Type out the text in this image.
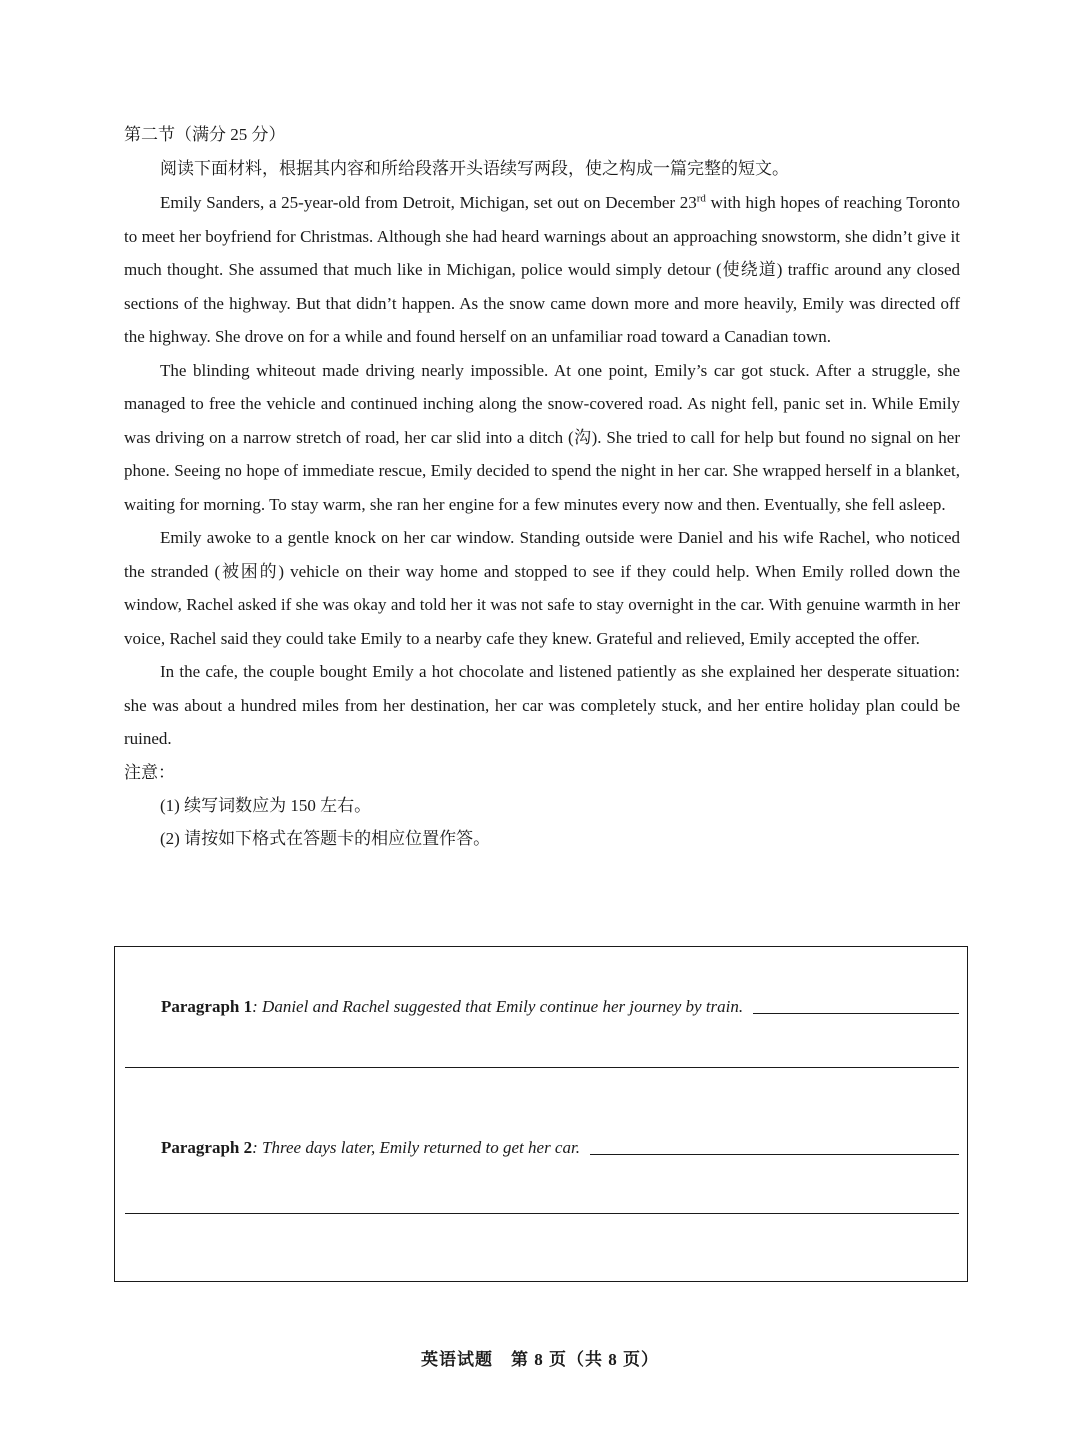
第二节（满分 25 分）

阅读下面材料，根据其内容和所给段落开头语续写两段，使之构成一篇完整的短文。

Emily Sanders, a 25-year-old from Detroit, Michigan, set out on December 23rd with high hopes of reaching Toronto to meet her boyfriend for Christmas. Although she had heard warnings about an approaching snowstorm, she didn’t give it much thought. She assumed that much like in Michigan, police would simply detour (使绕道) traffic around any closed sections of the highway. But that didn’t happen. As the snow came down more and more heavily, Emily was directed off the highway. She drove on for a while and found herself on an unfamiliar road toward a Canadian town.

The blinding whiteout made driving nearly impossible. At one point, Emily’s car got stuck. After a struggle, she managed to free the vehicle and continued inching along the snow-covered road. As night fell, panic set in. While Emily was driving on a narrow stretch of road, her car slid into a ditch (沟). She tried to call for help but found no signal on her phone. Seeing no hope of immediate rescue, Emily decided to spend the night in her car. She wrapped herself in a blanket, waiting for morning. To stay warm, she ran her engine for a few minutes every now and then. Eventually, she fell asleep.

Emily awoke to a gentle knock on her car window. Standing outside were Daniel and his wife Rachel, who noticed the stranded (被困的) vehicle on their way home and stopped to see if they could help. When Emily rolled down the window, Rachel asked if she was okay and told her it was not safe to stay overnight in the car. With genuine warmth in her voice, Rachel said they could take Emily to a nearby cafe they knew. Grateful and relieved, Emily accepted the offer.

In the cafe, the couple bought Emily a hot chocolate and listened patiently as she explained her desperate situation: she was about a hundred miles from her destination, her car was completely stuck, and her entire holiday plan could be ruined.

注意：

(1) 续写词数应为 150 左右。

(2) 请按如下格式在答题卡的相应位置作答。

Paragraph 1 : Daniel and Rachel suggested that Emily continue her journey by train.
Paragraph 2 : Three days later, Emily returned to get her car.
英语试题　第 8 页（共 8 页）
